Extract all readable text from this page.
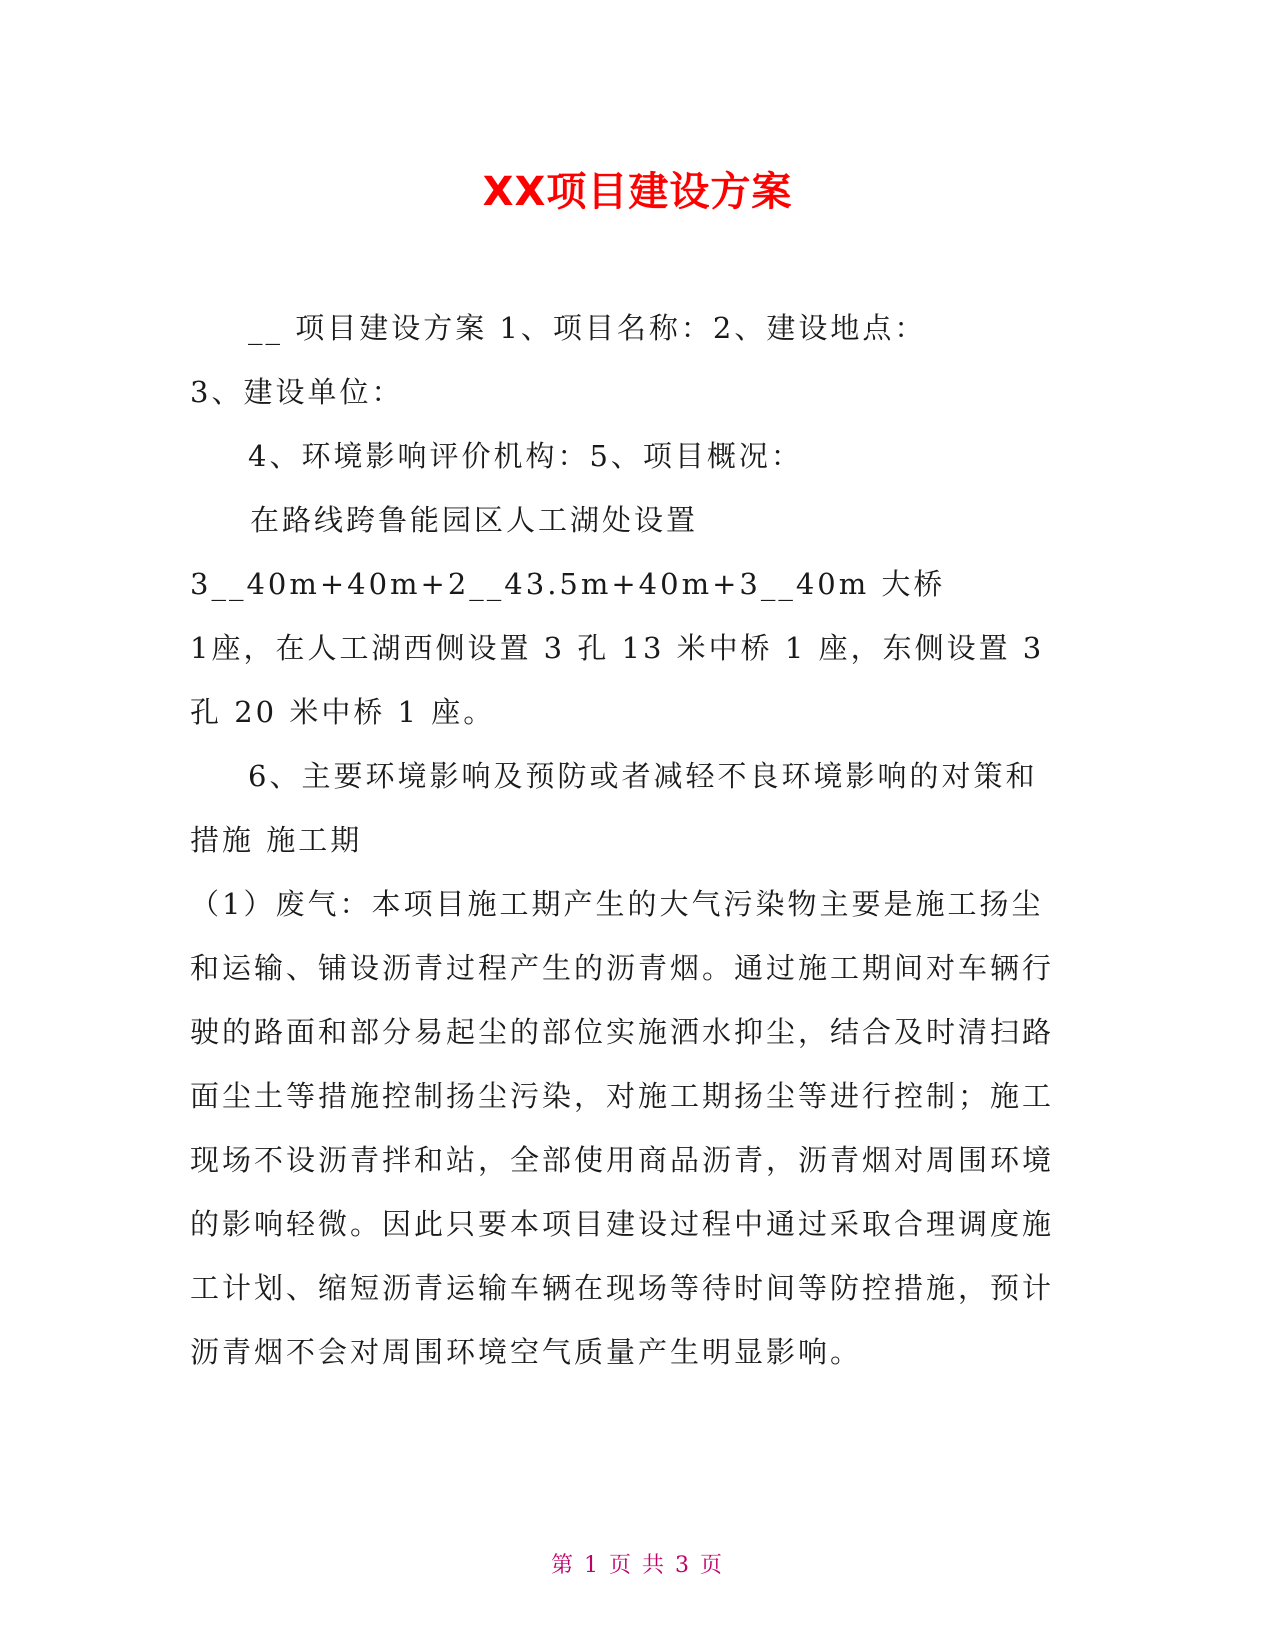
XX项目建设方案
__ 项目建设方案 1、项目名称：2、建设地点：
3、建设单位：
4、环境影响评价机构：5、项目概况：
在路线跨鲁能园区人工湖处设置
3__40m+40m+2__43.5m+40m+3__40m 大桥
1座，在人工湖西侧设置 3 孔 13 米中桥 1 座，东侧设置 3
孔 20 米中桥 1 座。
6、主要环境影响及预防或者减轻不良环境影响的对策和
措施 施工期
（1）废气：本项目施工期产生的大气污染物主要是施工扬尘
和运输、铺设沥青过程产生的沥青烟。通过施工期间对车辆行
驶的路面和部分易起尘的部位实施洒水抑尘，结合及时清扫路
面尘土等措施控制扬尘污染，对施工期扬尘等进行控制；施工
现场不设沥青拌和站，全部使用商品沥青，沥青烟对周围环境
的影响轻微。因此只要本项目建设过程中通过采取合理调度施
工计划、缩短沥青运输车辆在现场等待时间等防控措施，预计
沥青烟不会对周围环境空气质量产生明显影响。
第 1 页 共 3 页
